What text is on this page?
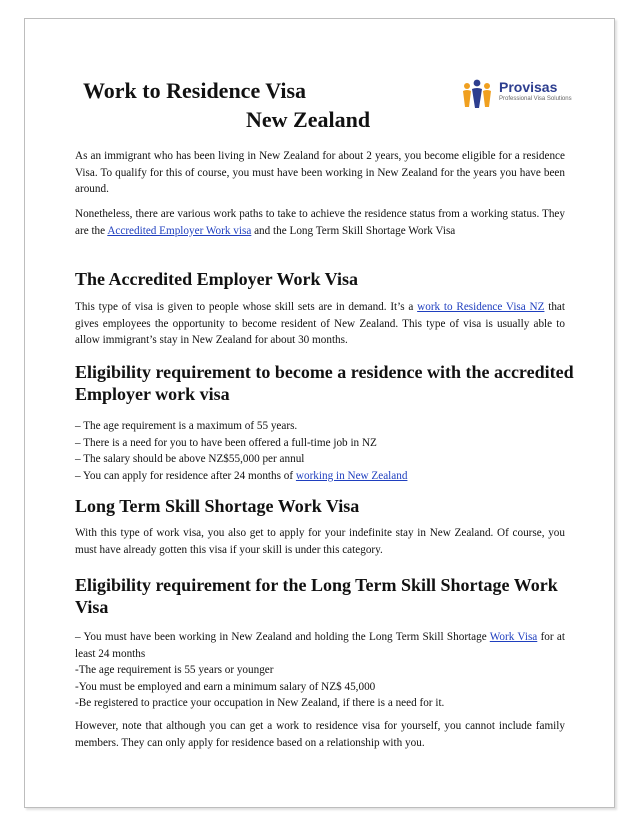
Work to Residence Visa
New Zealand
Provisas
Professional Visa Solutions

As an immigrant who has been living in New Zealand for about 2 years, you become eligible for a residence Visa. To qualify for this of course, you must have been working in New Zealand for the years you have been around.

Nonetheless, there are various work paths to take to achieve the residence status from a working status. They are the Accredited Employer Work visa and the Long Term Skill Shortage Work Visa

The Accredited Employer Work Visa

This type of visa is given to people whose skill sets are in demand. It’s a work to Residence Visa NZ that gives employees the opportunity to become resident of New Zealand. This type of visa is usually able to allow immigrant’s stay in New Zealand for about 30 months.

Eligibility requirement to become a residence with the accredited Employer work visa
– The age requirement is a maximum of 55 years.
– There is a need for you to have been offered a full-time job in NZ
– The salary should be above NZ$55,000 per annul
– You can apply for residence after 24 months of working in New Zealand
Long Term Skill Shortage Work Visa

With this type of work visa, you also get to apply for your indefinite stay in New Zealand. Of course, you must have already gotten this visa if your skill is under this category.

Eligibility requirement for the Long Term Skill Shortage Work Visa
– You must have been working in New Zealand and holding the Long Term Skill Shortage Work Visa for at least 24 months
-The age requirement is 55 years or younger
-You must be employed and earn a minimum salary of NZ$ 45,000
-Be registered to practice your occupation in New Zealand, if there is a need for it.

However, note that although you can get a work to residence visa for yourself, you cannot include family members. They can only apply for residence based on a relationship with you.
